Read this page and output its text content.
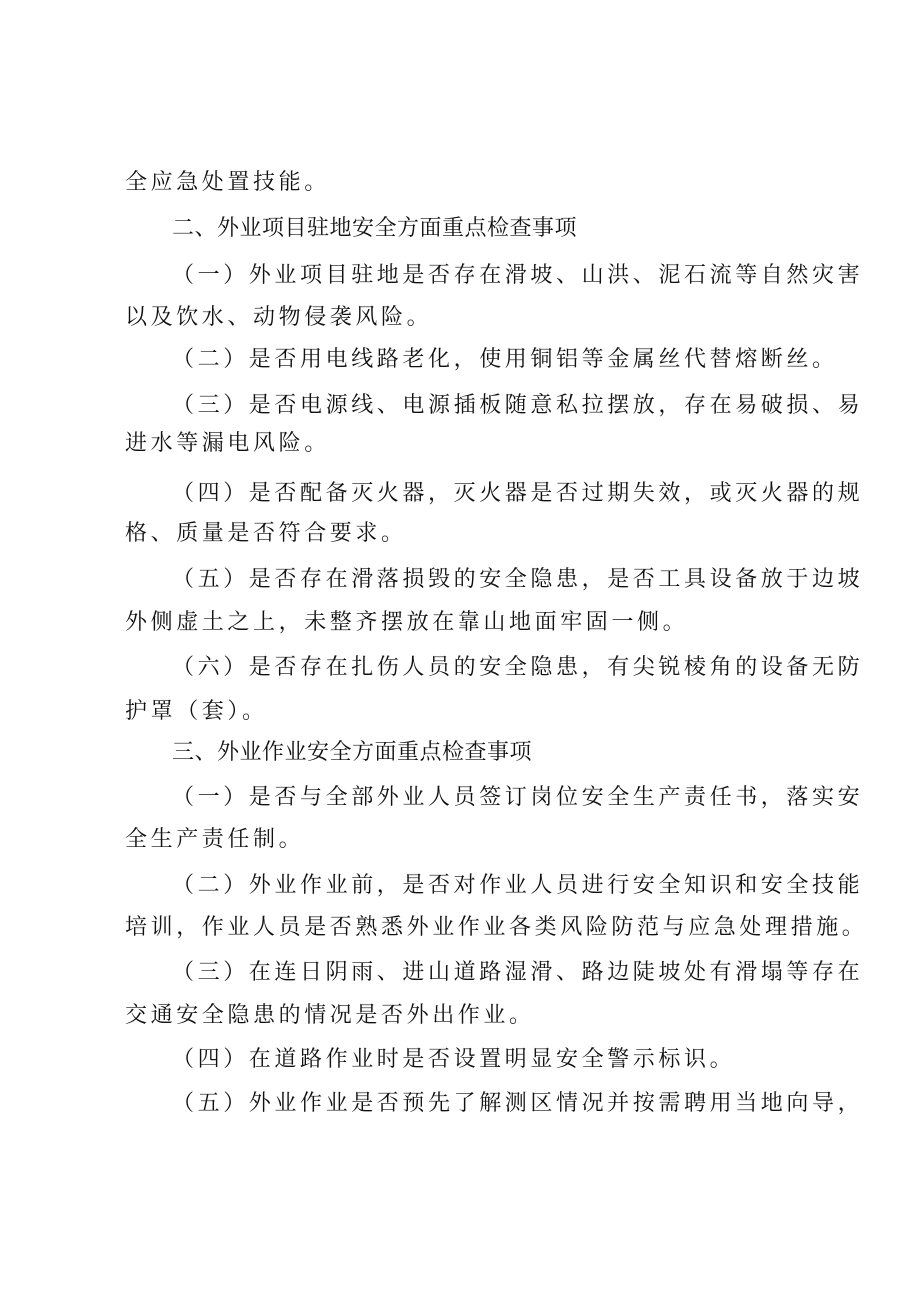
全应急处置技能。
二、外业项目驻地安全方面重点检查事项
（一）外业项目驻地是否存在滑坡、山洪、泥石流等自然灾害
以及饮水、动物侵袭风险。
（二）是否用电线路老化，使用铜铝等金属丝代替熔断丝。
（三）是否电源线、电源插板随意私拉摆放，存在易破损、易
进水等漏电风险。
（四）是否配备灭火器，灭火器是否过期失效，或灭火器的规
格、质量是否符合要求。
（五）是否存在滑落损毁的安全隐患，是否工具设备放于边坡
外侧虚土之上，未整齐摆放在靠山地面牢固一侧。
（六）是否存在扎伤人员的安全隐患，有尖锐棱角的设备无防
护罩（套）。
三、外业作业安全方面重点检查事项
（一）是否与全部外业人员签订岗位安全生产责任书，落实安
全生产责任制。
（二）外业作业前，是否对作业人员进行安全知识和安全技能
培训，作业人员是否熟悉外业作业各类风险防范与应急处理措施。
（三）在连日阴雨、进山道路湿滑、路边陡坡处有滑塌等存在
交通安全隐患的情况是否外出作业。
（四）在道路作业时是否设置明显安全警示标识。
（五）外业作业是否预先了解测区情况并按需聘用当地向导，
